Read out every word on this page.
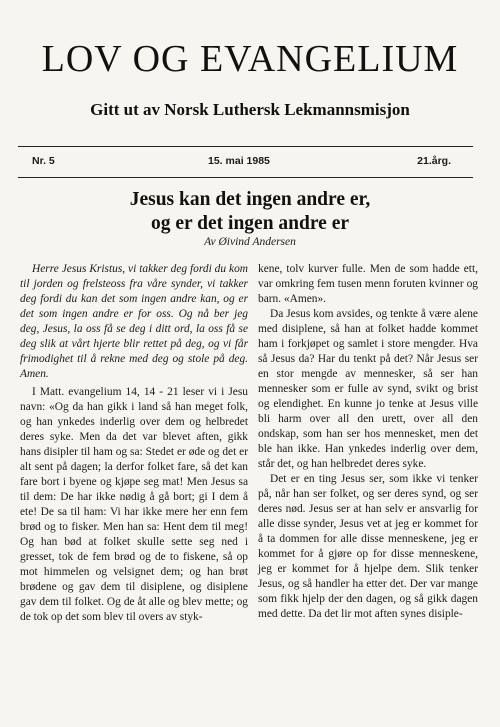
LOV OG EVANGELIUM
Gitt ut av Norsk Luthersk Lekmannsmisjon
Nr. 5	15. mai 1985	21.årg.
Jesus kan det ingen andre er,
og er det ingen andre er
Av Øivind Andersen

Herre Jesus Kristus, vi takker deg fordi du kom til jorden og frelsteoss fra våre synder, vi takker deg fordi du kan det som ingen andre kan, og er det som ingen andre er for oss. Og nå ber jeg deg, Jesus, la oss få se deg i ditt ord, la oss få se deg slik at vårt hjerte blir rettet på deg, og vi får frimodighet til å rekne med deg og stole på deg. Amen.

I Matt. evangelium 14, 14 - 21 leser vi i Jesu navn: «Og da han gikk i land så han meget folk, og han ynkedes inderlig over dem og helbredet deres syke. Men da det var blevet aften, gikk hans disipler til ham og sa: Stedet er øde og det er alt sent på dagen; la derfor folket fare, så det kan fare bort i byene og kjøpe seg mat! Men Jesus sa til dem: De har ikke nødig å gå bort; gi I dem å ete! De sa til ham: Vi har ikke mere her enn fem brød og to fisker. Men han sa: Hent dem til meg! Og han bød at folket skulle sette seg ned i gresset, tok de fem brød og de to fiskene, så op mot himmelen og velsignet dem; og han brøt brødene og gav dem til disiplene, og disiplene gav dem til folket. Og de åt alle og blev mette; og de tok op det som blev til overs av styk-

kene, tolv kurver fulle. Men de som hadde ett, var omkring fem tusen menn foruten kvinner og barn. «Amen».

Da Jesus kom avsides, og tenkte å være alene med disiplene, så han at folket hadde kommet ham i forkjøpet og samlet i store mengder. Hva så Jesus da? Har du tenkt på det? Når Jesus ser en stor mengde av mennesker, så ser han mennesker som er fulle av synd, svikt og brist og elendighet. En kunne jo tenke at Jesus ville bli harm over all den urett, over all den ondskap, som han ser hos mennesket, men det ble han ikke. Han ynkedes inderlig over dem, står det, og han helbredet deres syke.

Det er en ting Jesus ser, som ikke vi tenker på, når han ser folket, og ser deres synd, og ser deres nød. Jesus ser at han selv er ansvarlig for alle disse synder, Jesus vet at jeg er kommet for å ta dommen for alle disse menneskene, jeg er kommet for å gjøre op for disse menneskene, jeg er kommet for å hjelpe dem. Slik tenker Jesus, og så handler ha etter det. Der var mange som fikk hjelp der den dagen, og så gikk dagen med dette. Da det lir mot aften synes disiple-
